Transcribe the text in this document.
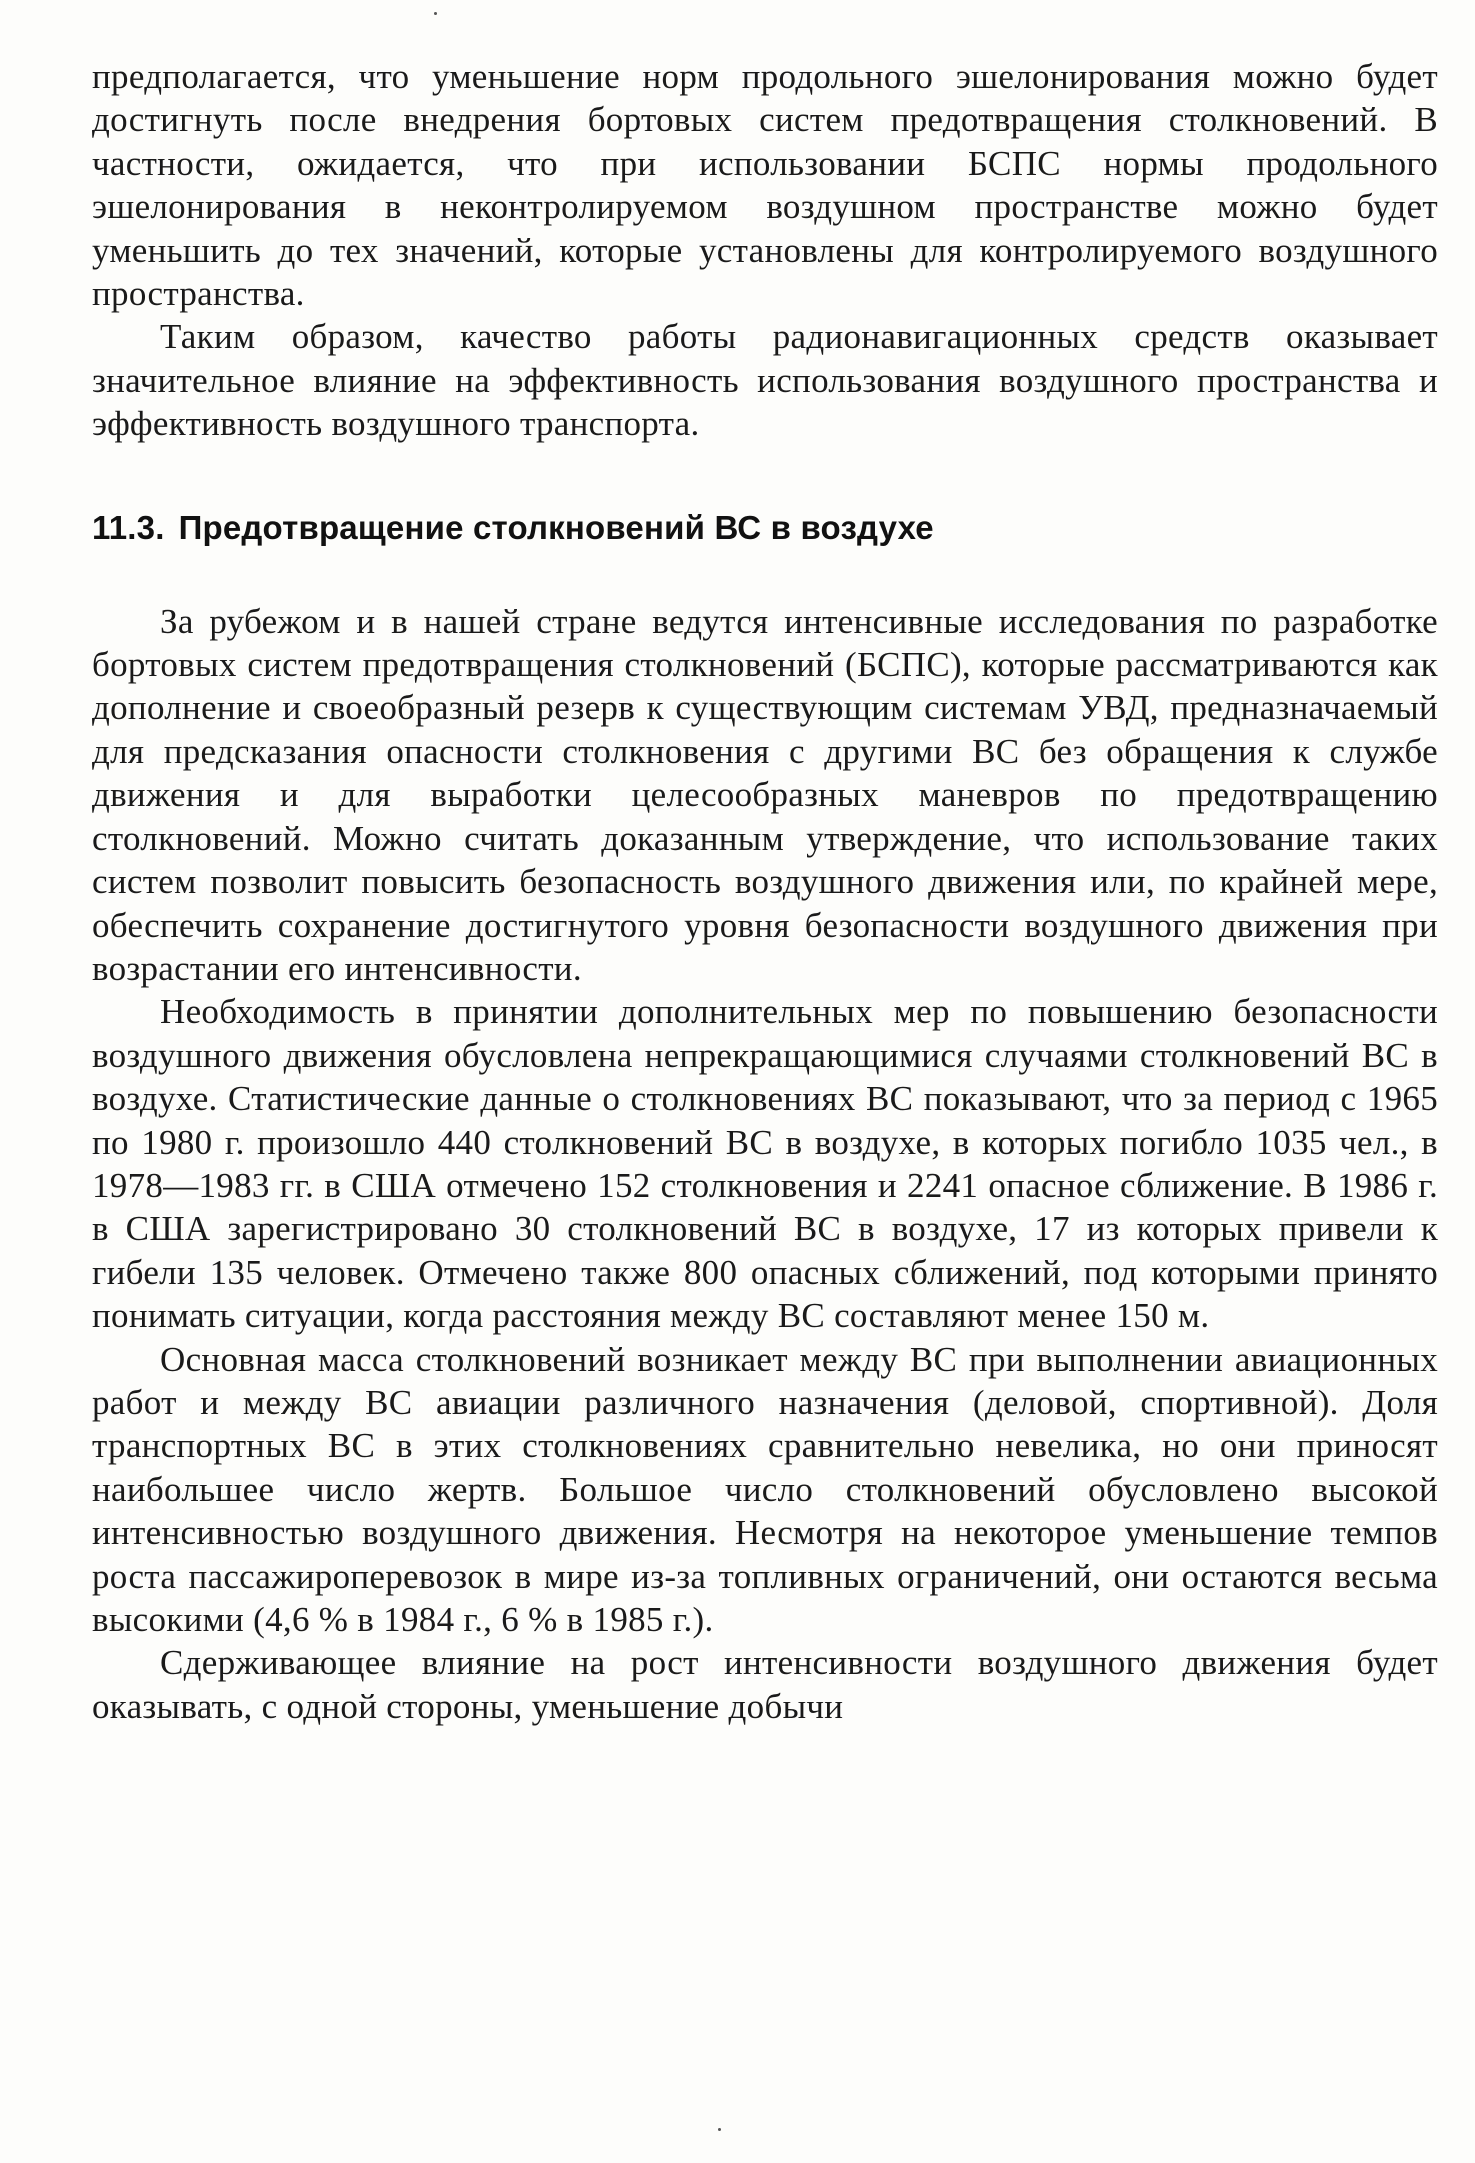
предполагается, что уменьшение норм продольного эшелонирования можно будет достигнуть после внедрения бортовых систем предотвращения столкновений. В частности, ожидается, что при использовании БСПС нормы продольного эшелонирования в неконтролируемом воздушном пространстве можно будет уменьшить до тех значений, которые установлены для контролируемого воздушного пространства.

Таким образом, качество работы радионавигационных средств оказывает значительное влияние на эффективность использования воздушного пространства и эффективность воздушного транспорта.

11.3. Предотвращение столкновений ВС в воздухе

За рубежом и в нашей стране ведутся интенсивные исследования по разработке бортовых систем предотвращения столкновений (БСПС), которые рассматриваются как дополнение и своеобразный резерв к существующим системам УВД, предназначаемый для предсказания опасности столкновения с другими ВС без обращения к службе движения и для выработки целесообразных маневров по предотвращению столкновений. Можно считать доказанным утверждение, что использование таких систем позволит повысить безопасность воздушного движения или, по крайней мере, обеспечить сохранение достигнутого уровня безопасности воздушного движения при возрастании его интенсивности.

Необходимость в принятии дополнительных мер по повышению безопасности воздушного движения обусловлена непрекращающимися случаями столкновений ВС в воздухе. Статистические данные о столкновениях ВС показывают, что за период с 1965 по 1980 г. произошло 440 столкновений ВС в воздухе, в которых погибло 1035 чел., в 1978—1983 гг. в США отмечено 152 столкновения и 2241 опасное сближение. В 1986 г. в США зарегистрировано 30 столкновений ВС в воздухе, 17 из которых привели к гибели 135 человек. Отмечено также 800 опасных сближений, под которыми принято понимать ситуации, когда расстояния между ВС составляют менее 150 м.

Основная масса столкновений возникает между ВС при выполнении авиационных работ и между ВС авиации различного назначения (деловой, спортивной). Доля транспортных ВС в этих столкновениях сравнительно невелика, но они приносят наибольшее число жертв. Большое число столкновений обусловлено высокой интенсивностью воздушного движения. Несмотря на некоторое уменьшение темпов роста пассажироперевозок в мире из-за топливных ограничений, они остаются весьма высокими (4,6 % в 1984 г., 6 % в 1985 г.).

Сдерживающее влияние на рост интенсивности воздушного движения будет оказывать, с одной стороны, уменьшение добычи
